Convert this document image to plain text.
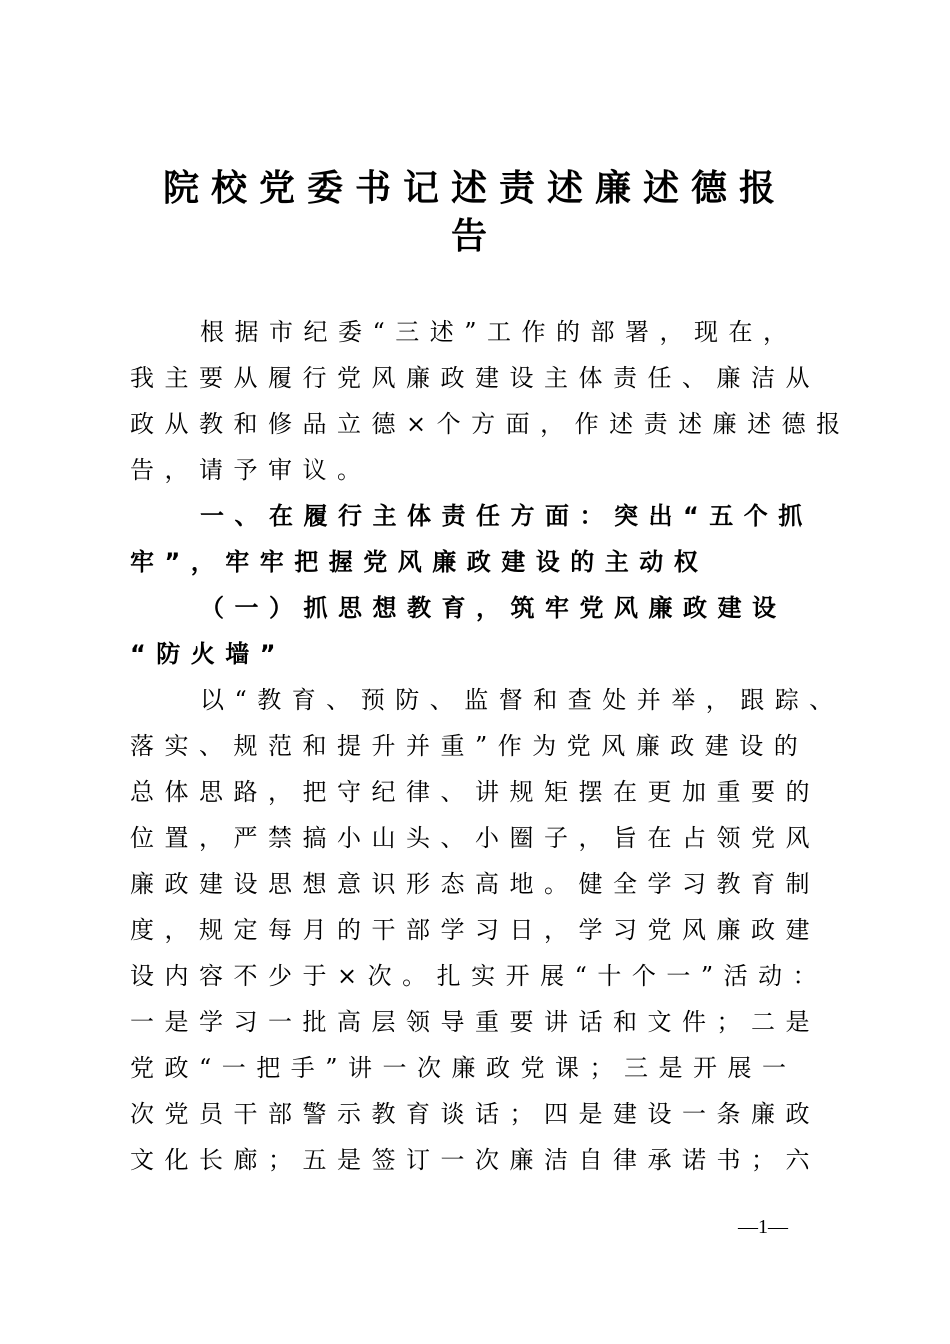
院校党委书记述责述廉述德报
告

根据市纪委“三述”工作的部署，现在，

我主要从履行党风廉政建设主体责任、廉洁从

政从教和修品立德×个方面，作述责述廉述德报

告，请予审议。

一、在履行主体责任方面：突出“五个抓

牢”，牢牢把握党风廉政建设的主动权

（一）抓思想教育，筑牢党风廉政建设

“防火墙”

以“教育、预防、监督和查处并举，跟踪、

落实、规范和提升并重”作为党风廉政建设的

总体思路，把守纪律、讲规矩摆在更加重要的

位置，严禁搞小山头、小圈子，旨在占领党风

廉政建设思想意识形态高地。健全学习教育制

度，规定每月的干部学习日，学习党风廉政建

设内容不少于×次。扎实开展“十个一”活动：

一是学习一批高层领导重要讲话和文件；二是

党政“一把手”讲一次廉政党课；三是开展一

次党员干部警示教育谈话；四是建设一条廉政

文化长廊；五是签订一次廉洁自律承诺书；六

—1—
